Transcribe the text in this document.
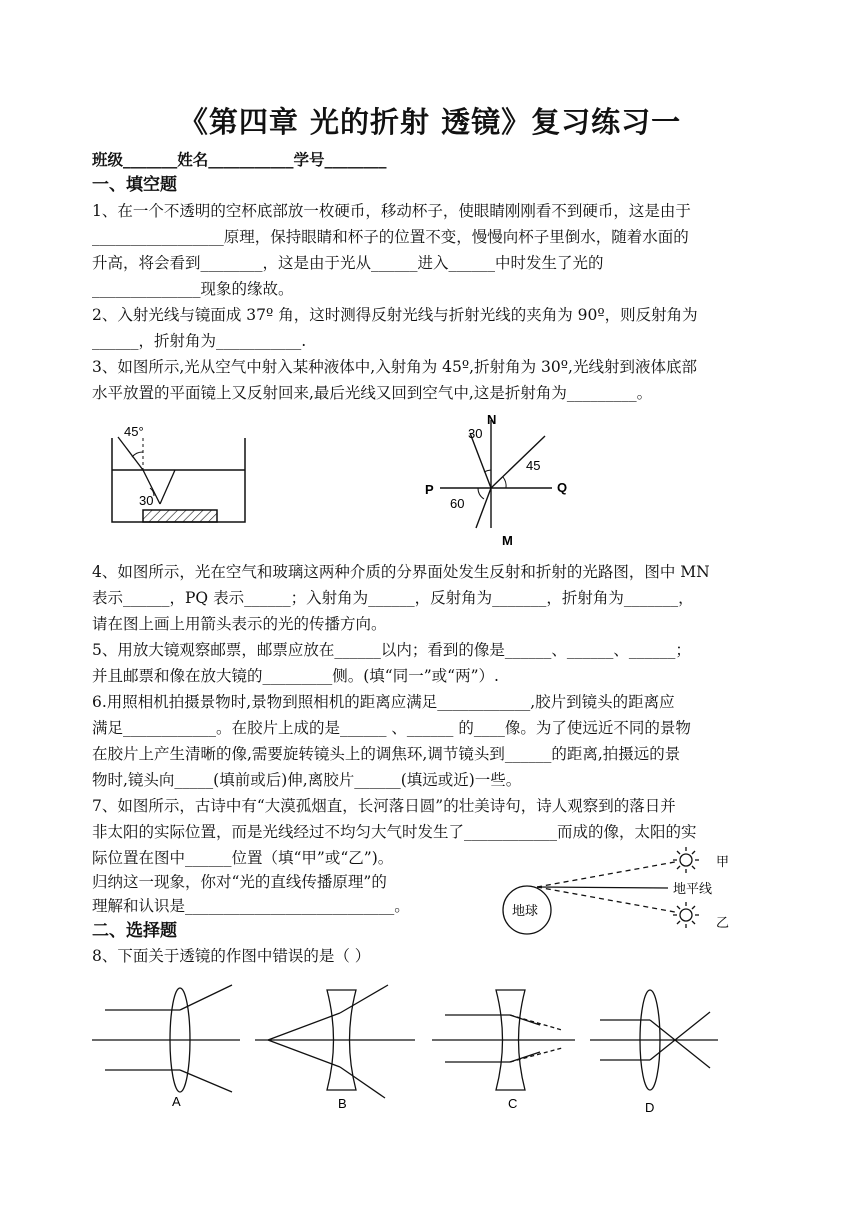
《第四章 光的折射 透镜》复习练习一
班级_______姓名___________学号________
一、填空题
1、在一个不透明的空杯底部放一枚硬币，移动杯子，使眼睛刚刚看不到硬币，这是由于
_________________原理，保持眼睛和杯子的位置不变，慢慢向杯子里倒水，随着水面的
升高，将会看到________，这是由于光从______进入______中时发生了光的
______________现象的缘故。
2、入射光线与镜面成 37º 角，这时测得反射光线与折射光线的夹角为 90º，则反射角为
______，折射角为___________.
3、如图所示,光从空气中射入某种液体中,入射角为 45º,折射角为 30º,光线射到液体底部
水平放置的平面镜上又反射回来,最后光线又回到空气中,这是折射角为_________。
4、如图所示，光在空气和玻璃这两种介质的分界面处发生反射和折射的光路图，图中 MN
表示______，PQ 表示______；入射角为______，反射角为_______，折射角为_______，
请在图上画上用箭头表示的光的传播方向。
5、用放大镜观察邮票，邮票应放在______以内；看到的像是______、______、______；
并且邮票和像在放大镜的_________侧。(填“同一”或“两”）.
6.用照相机拍摄景物时,景物到照相机的距离应满足____________,胶片到镜头的距离应
满足____________。在胶片上成的是______ 、______ 的____像。为了使远近不同的景物
在胶片上产生清晰的像,需要旋转镜头上的调焦环,调节镜头到______的距离,拍摄远的景
物时,镜头向_____(填前或后)伸,离胶片______(填远或近)一些。
7、如图所示，古诗中有“大漠孤烟直，长河落日圆”的壮美诗句，诗人观察到的落日并
非太阳的实际位置，而是光线经过不均匀大气时发生了____________而成的像，太阳的实
际位置在图中______位置（填“甲”或“乙”)。
归纳这一现象，你对“光的直线传播原理”的
理解和认识是___________________________。
二、选择题
8、下面关于透镜的作图中错误的是（ ）
45°
30
N
M
P	Q
30
45
60
地球
地平线
甲
乙
A	B	C	D
